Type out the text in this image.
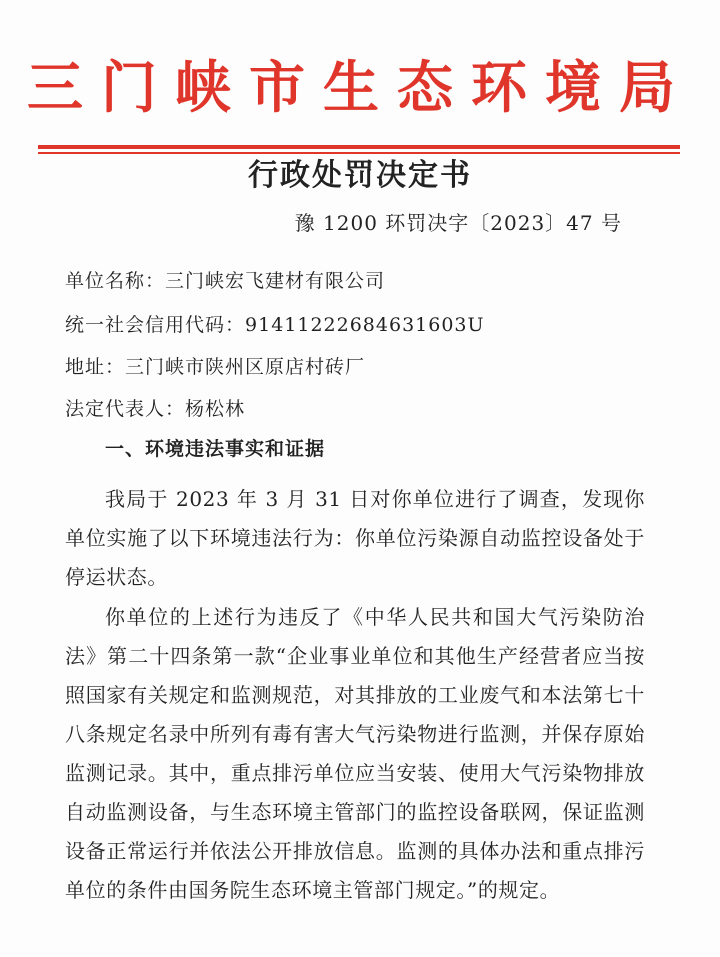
三门峡市生态环境局
行政处罚决定书
豫 1200 环罚决字〔2023〕47 号
单位名称：三门峡宏飞建材有限公司
统一社会信用代码：91411222684631603U
地址：三门峡市陕州区原店村砖厂
法定代表人：杨松林
一、环境违法事实和证据

我局于 2023 年 3 月 31 日对你单位进行了调查，发现你单位实施了以下环境违法行为：你单位污染源自动监控设备处于停运状态。

你单位的上述行为违反了《中华人民共和国大气污染防治法》第二十四条第一款“企业事业单位和其他生产经营者应当按照国家有关规定和监测规范，对其排放的工业废气和本法第七十八条规定名录中所列有毒有害大气污染物进行监测，并保存原始监测记录。其中，重点排污单位应当安装、使用大气污染物排放自动监测设备，与生态环境主管部门的监控设备联网，保证监测设备正常运行并依法公开排放信息。监测的具体办法和重点排污单位的条件由国务院生态环境主管部门规定。”的规定。
